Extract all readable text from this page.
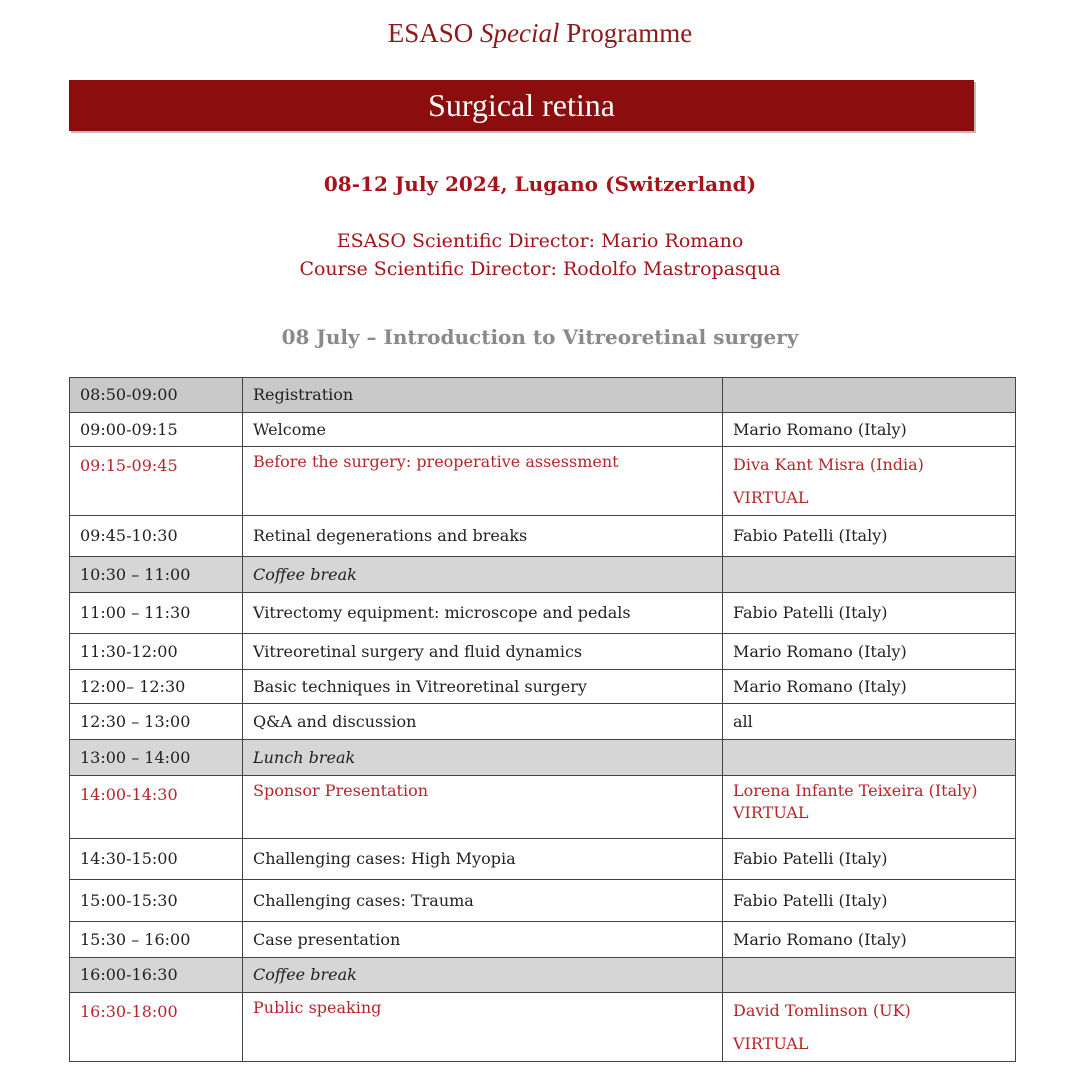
ESASO Special Programme
Surgical retina
08-12 July 2024, Lugano (Switzerland)
ESASO Scientific Director: Mario Romano
Course Scientific Director: Rodolfo Mastropasqua
08 July – Introduction to Vitreoretinal surgery
08:50-09:00	Registration	
09:00-09:15	Welcome	Mario Romano (Italy)
09:15-09:45	Before the surgery: preoperative assessment	Diva Kant Misra (India)
VIRTUAL

09:45-10:30	Retinal degenerations and breaks	Fabio Patelli (Italy)
10:30 – 11:00	Coffee break	
11:00 – 11:30	Vitrectomy equipment: microscope and pedals	Fabio Patelli (Italy)
11:30-12:00	Vitreoretinal surgery and fluid dynamics	Mario Romano (Italy)
12:00– 12:30	Basic techniques in Vitreoretinal surgery	Mario Romano (Italy)
12:30 – 13:00	Q&A and discussion	all
13:00 – 14:00	Lunch break	
14:00-14:30	Sponsor Presentation	Lorena Infante Teixeira (Italy) VIRTUAL
14:30-15:00	Challenging cases: High Myopia	Fabio Patelli (Italy)
15:00-15:30	Challenging cases: Trauma	Fabio Patelli (Italy)
15:30 – 16:00	Case presentation	Mario Romano (Italy)
16:00-16:30	Coffee break	
16:30-18:00	Public speaking	David Tomlinson (UK)
VIRTUAL
